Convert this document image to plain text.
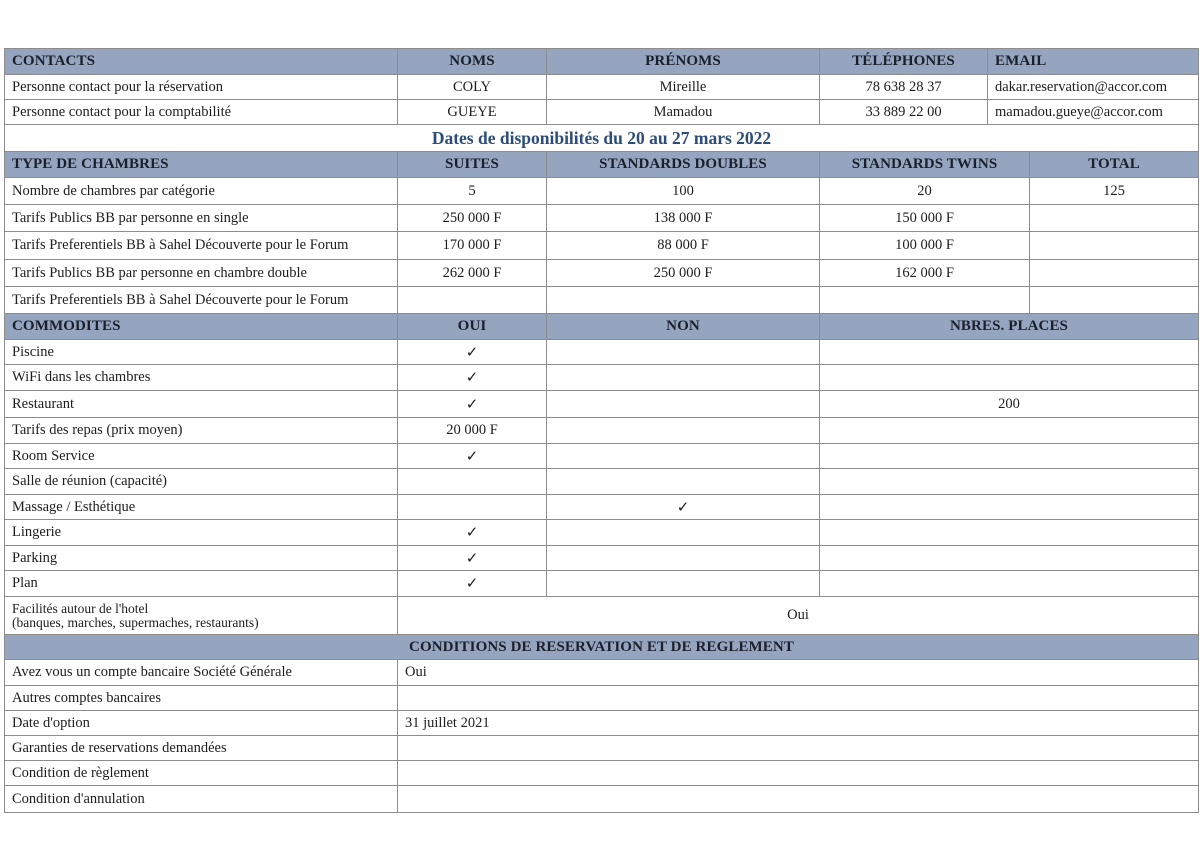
CONTACTS	NOMS	PRÉNOMS	TÉLÉPHONES	EMAIL	
Personne contact pour la réservation	COLY	Mireille	78 638 28 37	dakar.reservation@accor.com	
Personne contact pour la comptabilité	GUEYE	Mamadou	33 889 22 00	mamadou.gueye@accor.com	
Dates de disponibilités du 20 au 27 mars 2022					
TYPE DE CHAMBRES	SUITES	STANDARDS DOUBLES	STANDARDS TWINS		TOTAL
Nombre de chambres par catégorie	5	100	20		125
Tarifs Publics BB par personne en single	250 000 F	138 000 F	150 000 F		
Tarifs Preferentiels BB à Sahel Découverte pour le Forum	170 000 F	88 000 F	100 000 F		
Tarifs Publics BB par personne en chambre double	262 000 F	250 000 F	162 000 F		
Tarifs Preferentiels BB à Sahel Découverte pour le Forum					
COMMODITES	OUI	NON	NBRES. PLACES		
Piscine	✓				
WiFi dans les chambres	✓				
Restaurant	✓		200		
Tarifs des repas (prix moyen)	20 000 F				
Room Service	✓				
Salle de réunion (capacité)					
Massage / Esthétique		✓			
Lingerie	✓				
Parking	✓				
Plan	✓				

Facilités autour de l'hotel
(banques, marches, supermaches, restaurants)	Oui				
CONDITIONS DE RESERVATION ET DE REGLEMENT					
Avez vous un compte bancaire Société Générale	Oui				
Autres comptes bancaires					
Date d'option	31 juillet 2021				
Garanties de reservations demandées					
Condition de règlement					
Condition d'annulation					
